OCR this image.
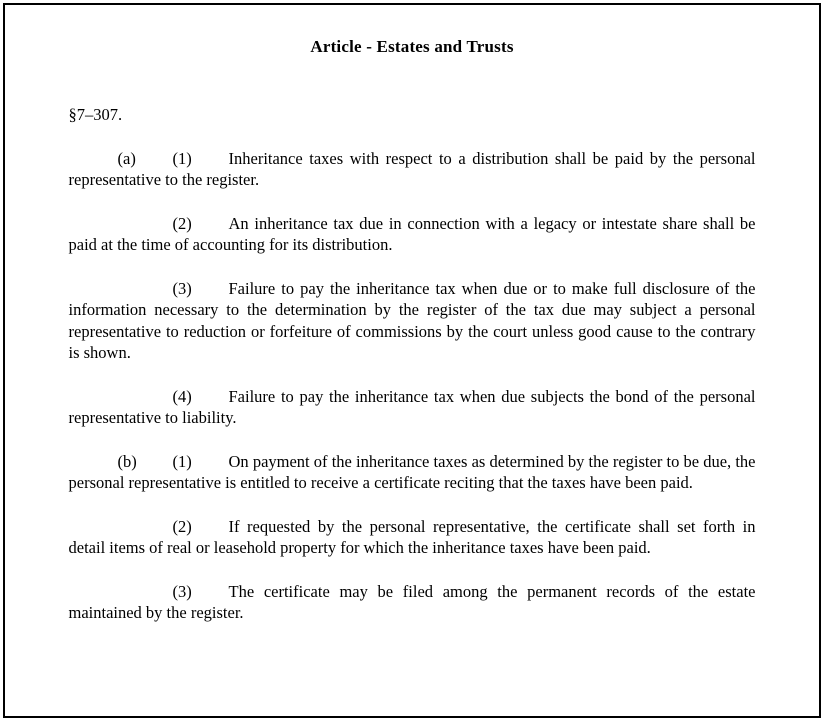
Article - Estates and Trusts
§7–307.
(a) (1) Inheritance taxes with respect to a distribution shall be paid by the personal representative to the register.
(2) An inheritance tax due in connection with a legacy or intestate share shall be paid at the time of accounting for its distribution.
(3) Failure to pay the inheritance tax when due or to make full disclosure of the information necessary to the determination by the register of the tax due may subject a personal representative to reduction or forfeiture of commissions by the court unless good cause to the contrary is shown.
(4) Failure to pay the inheritance tax when due subjects the bond of the personal representative to liability.
(b) (1) On payment of the inheritance taxes as determined by the register to be due, the personal representative is entitled to receive a certificate reciting that the taxes have been paid.
(2) If requested by the personal representative, the certificate shall set forth in detail items of real or leasehold property for which the inheritance taxes have been paid.
(3) The certificate may be filed among the permanent records of the estate maintained by the register.
